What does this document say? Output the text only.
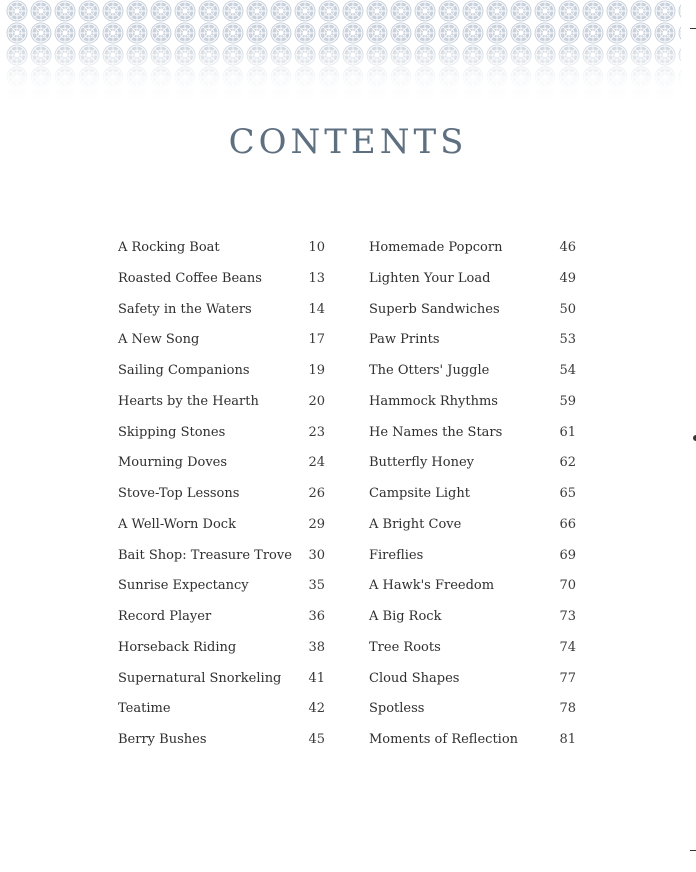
CONTENTS
A Rocking Boat	10
Roasted Coffee Beans	13
Safety in the Waters	14
A New Song	17
Sailing Companions	19
Hearts by the Hearth	20
Skipping Stones	23
Mourning Doves	24
Stove-Top Lessons	26
A Well-Worn Dock	29
Bait Shop: Treasure Trove 30
Sunrise Expectancy	35
Record Player	36
Horseback Riding	38
Supernatural Snorkeling 41
Teatime	42
Berry Bushes	45
Homemade Popcorn	46
Lighten Your Load	49
Superb Sandwiches	50
Paw Prints	53
The Otters' Juggle	54
Hammock Rhythms	59
He Names the Stars	61
Butterfly Honey	62
Campsite Light	65
A Bright Cove	66
Fireflies	69
A Hawk's Freedom	70
A Big Rock	73
Tree Roots	74
Cloud Shapes	77
Spotless	78
Moments of Reflection	81
